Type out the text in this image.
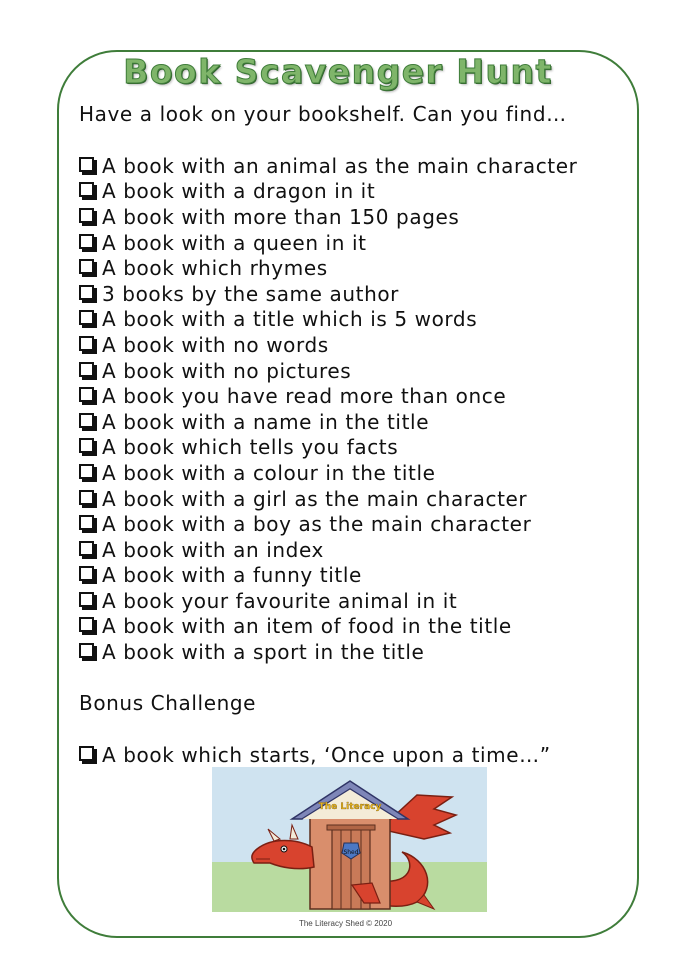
Book Scavenger Hunt
Have a look on your bookshelf. Can you find…
A book with an animal as the main character
A book with a dragon in it
A book with more than 150 pages
A book with a queen in it
A book which rhymes
3 books by the same author
A book with a title which is 5 words
A book with no words
A book with no pictures
A book you have read more than once
A book with a name in the title
A book which tells you facts
A book with a colour in the title
A book with a girl as the main character
A book with a boy as the main character
A book with an index
A book with a funny title
A book your favourite animal in it
A book with an item of food in the title
A book with a sport in the title
Bonus Challenge
A book which starts, ‘Once upon a time…”
Shed
The Literacy
The Literacy Shed © 2020
